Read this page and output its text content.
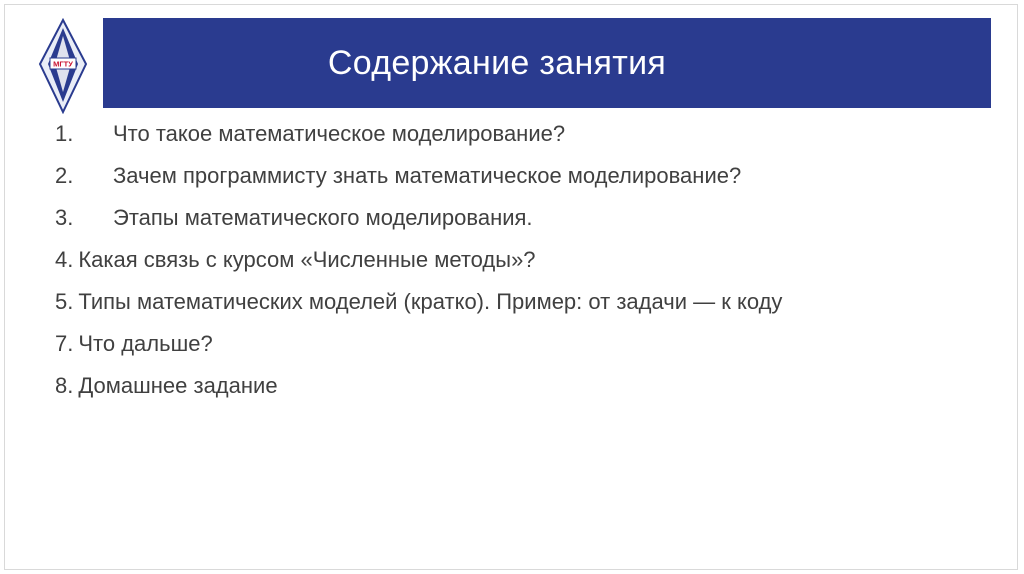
МГТУ	Содержание занятия
1. Что такое математическое моделирование?
2. Зачем программисту знать математическое моделирование?
3. Этапы математического моделирования.
4. Какая связь с курсом «Численные методы»?
5. Типы математических моделей (кратко). Пример: от задачи — к коду
7. Что дальше?
8. Домашнее задание
